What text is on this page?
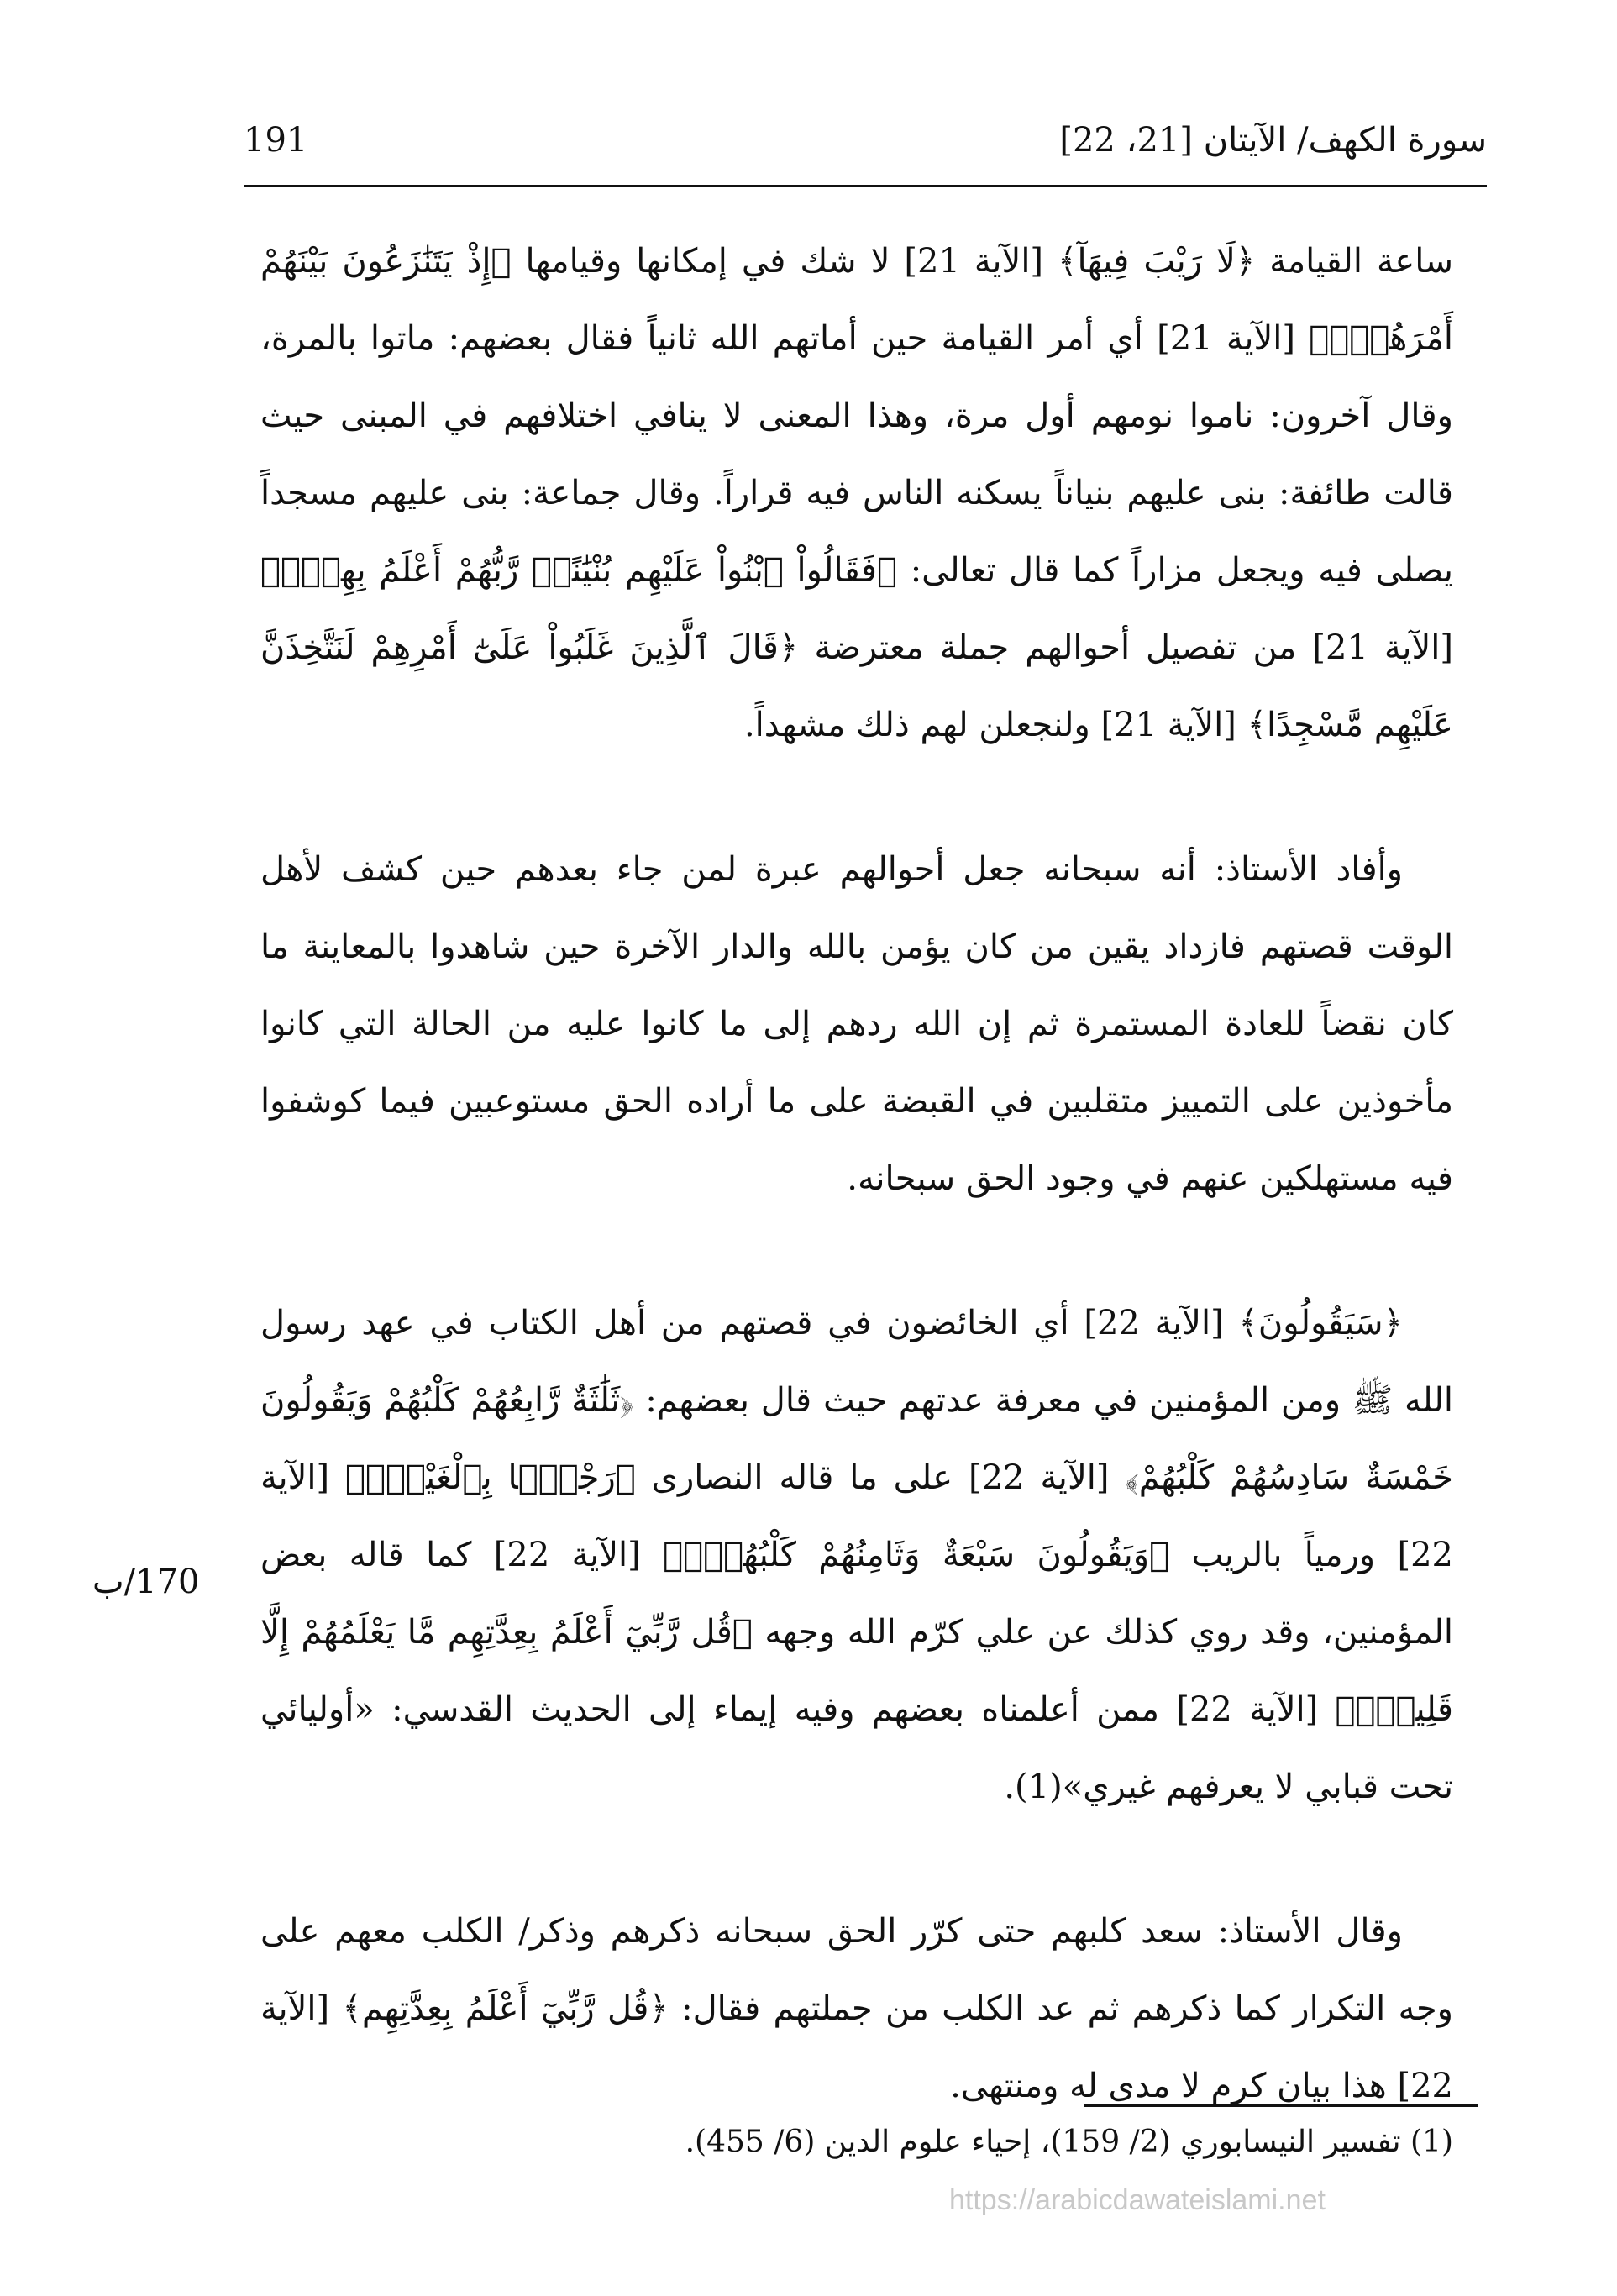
سورة الكهف/ الآيتان [21، 22]
191

ساعة القيامة ﴿لَا رَيْبَ فِيهَآ﴾ [الآية 21] لا شك في إمكانها وقيامها ﴿إِذْ يَتَنَٰزَعُونَ بَيْنَهُمْ أَمْرَهُمْۖ﴾ [الآية 21] أي أمر القيامة حين أماتهم الله ثانياً فقال بعضهم: ماتوا بالمرة، وقال آخرون: ناموا نومهم أول مرة، وهذا المعنى لا ينافي اختلافهم في المبنى حيث قالت طائفة: بنى عليهم بنياناً يسكنه الناس فيه قراراً. وقال جماعة: بنى عليهم مسجداً يصلى فيه ويجعل مزاراً كما قال تعالى: ﴿فَقَالُواْ ٱبْنُواْ عَلَيْهِم بُنْيَٰنًاۖ رَّبُّهُمْ أَعْلَمُ بِهِمْۚ﴾ [الآية 21] من تفصيل أحوالهم جملة معترضة ﴿قَالَ ٱلَّذِينَ غَلَبُواْ عَلَىٰٓ أَمْرِهِمْ لَنَتَّخِذَنَّ عَلَيْهِم مَّسْجِدًا﴾ [الآية 21] ولنجعلن لهم ذلك مشهداً.

وأفاد الأستاذ: أنه سبحانه جعل أحوالهم عبرة لمن جاء بعدهم حين كشف لأهل الوقت قصتهم فازداد يقين من كان يؤمن بالله والدار الآخرة حين شاهدوا بالمعاينة ما كان نقضاً للعادة المستمرة ثم إن الله ردهم إلى ما كانوا عليه من الحالة التي كانوا مأخوذين على التمييز متقلبين في القبضة على ما أراده الحق مستوعبين فيما كوشفوا فيه مستهلكين عنهم في وجود الحق سبحانه.

﴿سَيَقُولُونَ﴾ [الآية 22] أي الخائضون في قصتهم من أهل الكتاب في عهد رسول الله ﷺ ومن المؤمنين في معرفة عدتهم حيث قال بعضهم: ﴿ثَلَٰثَةٌ رَّابِعُهُمْ كَلْبُهُمْ وَيَقُولُونَ خَمْسَةٌ سَادِسُهُمْ كَلْبُهُمْ﴾ [الآية 22] على ما قاله النصارى ﴿رَجْمًۢا بِٱلْغَيْبِۖ﴾ [الآية 22] ورمياً بالريب ﴿وَيَقُولُونَ سَبْعَةٌ وَثَامِنُهُمْ كَلْبُهُمْۚ﴾ [الآية 22] كما قاله بعض المؤمنين، وقد روي كذلك عن علي كرّم الله وجهه ﴿قُل رَّبِّيٓ أَعْلَمُ بِعِدَّتِهِم مَّا يَعْلَمُهُمْ إِلَّا قَلِيلٌۗ﴾ [الآية 22] ممن أعلمناه بعضهم وفيه إيماء إلى الحديث القدسي: «أوليائي تحت قبابي لا يعرفهم غيري»(1).

وقال الأستاذ: سعد كلبهم حتى كرّر الحق سبحانه ذكرهم وذكر/ الكلب معهم على وجه التكرار كما ذكرهم ثم عد الكلب من جملتهم فقال: ﴿قُل رَّبِّيٓ أَعْلَمُ بِعِدَّتِهِم﴾ [الآية 22] هذا بيان كرم لا مدى له ومنتهى.

170/ب
(1) تفسير النيسابوري (2/ 159)، إحياء علوم الدين (6/ 455).
https://arabicdawateislami.net
